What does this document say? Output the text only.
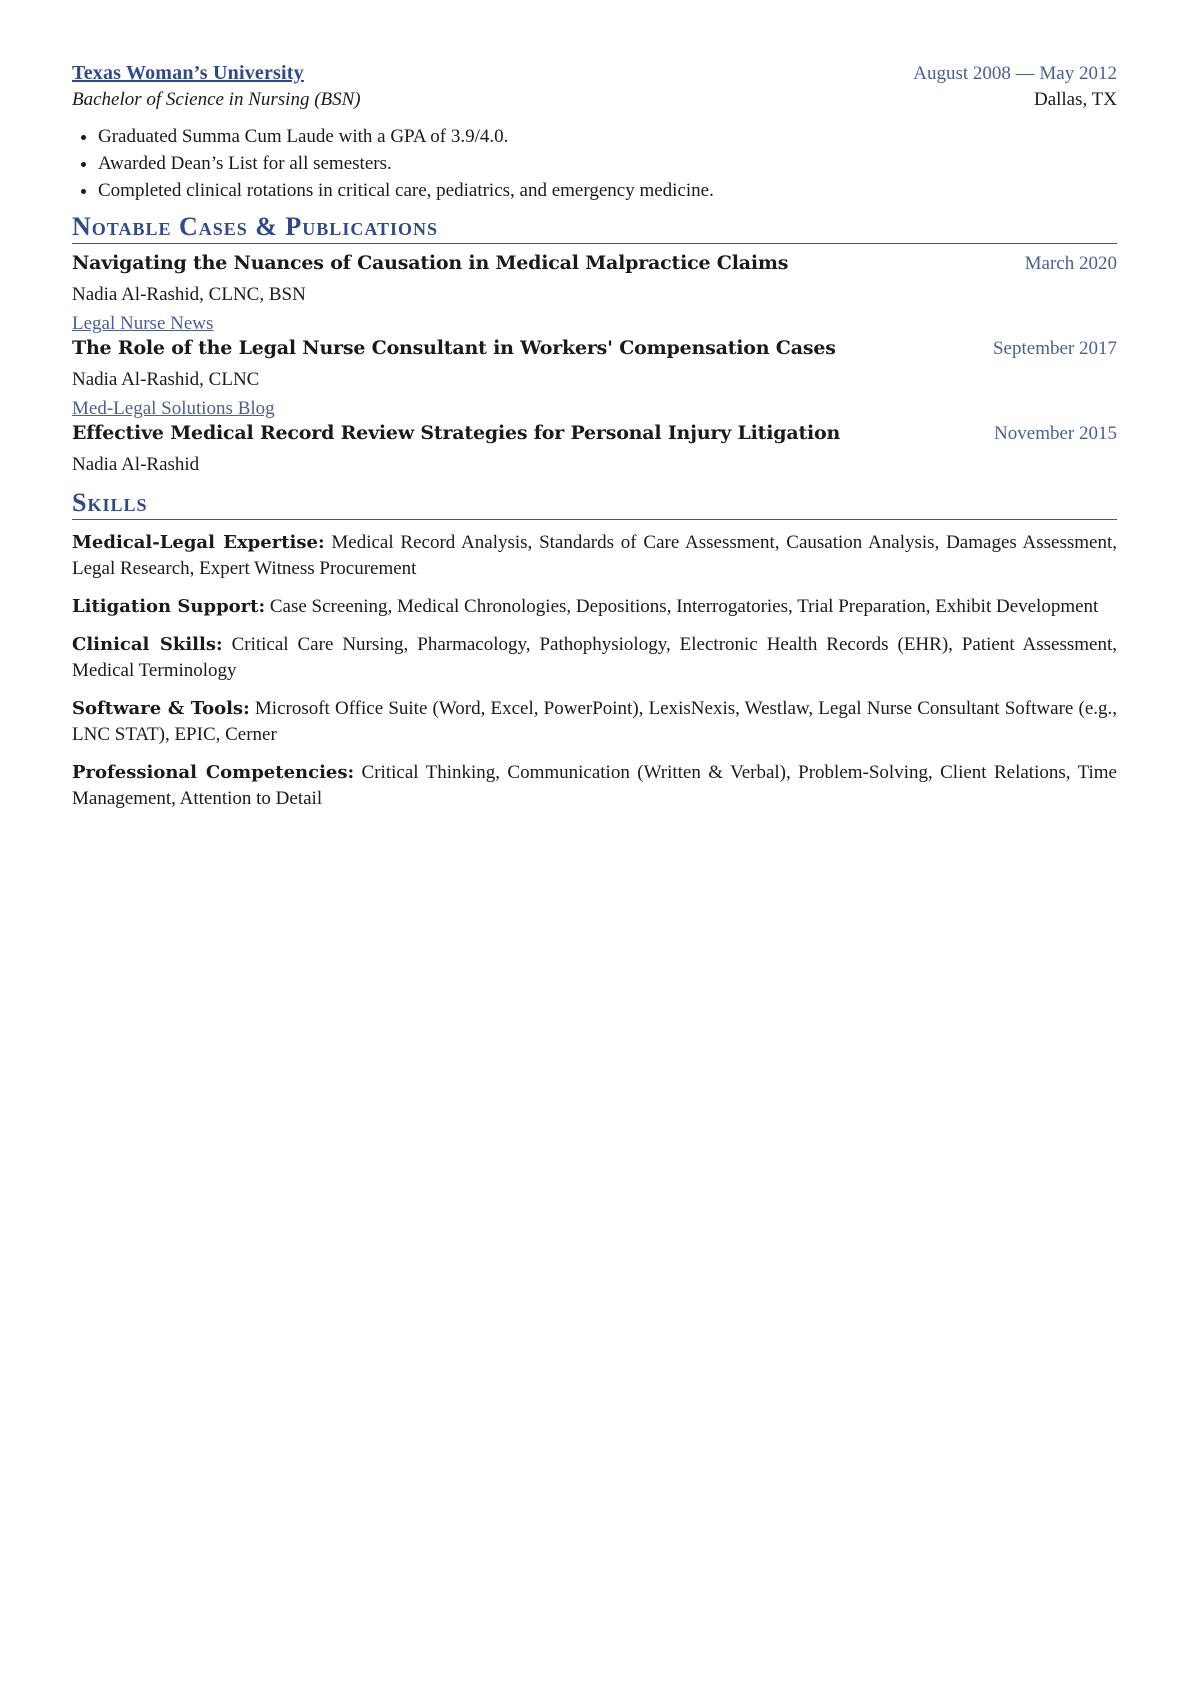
Texas Woman’s University	August 2008 — May 2012
Bachelor of Science in Nursing (BSN)	Dallas, TX
• Graduated Summa Cum Laude with a GPA of 3.9/4.0.
• Awarded Dean’s List for all semesters.
• Completed clinical rotations in critical care, pediatrics, and emergency medicine.
Notable Cases & Publications
Navigating the Nuances of Causation in Medical Malpractice Claims	March 2020
Nadia Al-Rashid, CLNC, BSN
Legal Nurse News
The Role of the Legal Nurse Consultant in Workers' Compensation Cases	September 2017
Nadia Al-Rashid, CLNC
Med-Legal Solutions Blog
Effective Medical Record Review Strategies for Personal Injury Litigation	November 2015
Nadia Al-Rashid
Skills
Medical-Legal Expertise: Medical Record Analysis, Standards of Care Assessment, Causation Analysis, Damages Assessment, Legal Research, Expert Witness Procurement
Litigation Support: Case Screening, Medical Chronologies, Depositions, Interrogatories, Trial Preparation, Exhibit Development
Clinical Skills: Critical Care Nursing, Pharmacology, Pathophysiology, Electronic Health Records (EHR), Patient Assessment, Medical Terminology
Software & Tools: Microsoft Office Suite (Word, Excel, PowerPoint), LexisNexis, Westlaw, Legal Nurse Consultant Software (e.g., LNC STAT), EPIC, Cerner
Professional Competencies: Critical Thinking, Communication (Written & Verbal), Problem-Solving, Client Relations, Time Management, Attention to Detail
